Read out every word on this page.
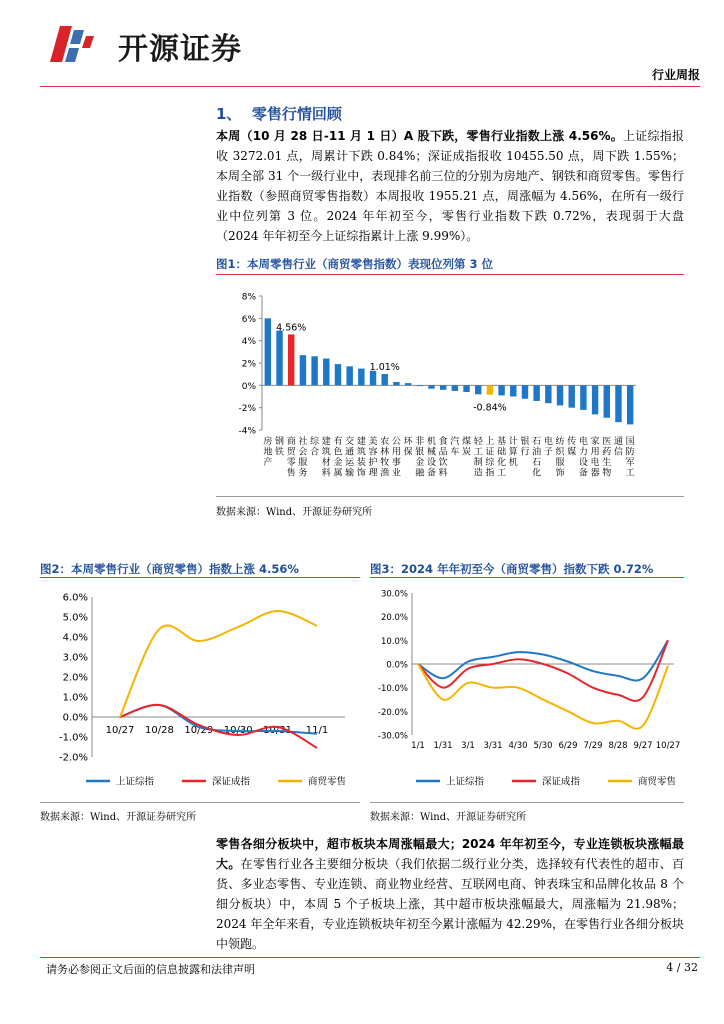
开源证券
行业周报
1、 零售行情回顾
本周（10 月 28 日-11 月 1 日）A 股下跌，零售行业指数上涨 4.56%。上证综指报收 3272.01 点，周累计下跌 0.84%；深证成指报收 10455.50 点，周下跌 1.55%；本周全部 31 个一级行业中，表现排名前三位的分别为房地产、钢铁和商贸零售。零售行业指数（参照商贸零售指数）本周报收 1955.21 点，周涨幅为 4.56%，在所有一级行业中位列第 3 位。2024 年年初至今，零售行业指数下跌 0.72%，表现弱于大盘（2024 年年初至今上证综指累计上涨 9.99%）。
图1：本周零售行业（商贸零售指数）表现位列第 3 位
8%
6%
4%
2%
0%
-2%
-4%
房
地
产
钢
铁
商
贸
零
售
社
会
服
务
综
合
建
筑
材
料
有
色
金
属
交
通
运
输
建
筑
装
饰
美
容
护
理
农
林
牧
渔
公
用
事
业
环
保
非
银
金
融
机
械
设
备
食
品
饮
料
汽
车
煤
炭
轻
工
制
造
上
证
综
指
基
础
化
工
计
算
机
银
行
石
油
石
化
电
子
纺
织
服
饰
传
媒
电
力
设
备
家
用
电
器
医
药
生
物
通
信
国
防
军
工
4.56%
1.01%
-0.84%
数据来源：Wind、开源证券研究所
图2：本周零售行业（商贸零售）指数上涨 4.56%	图3：2024 年年初至今（商贸零售）指数下跌 0.72%
6.0%
5.0%
4.0%
3.0%
2.0%
1.0%
0.0%
-1.0%
-2.0%
10/27 10/28 10/29 10/30 10/31 11/1
上证综指	深证成指	商贸零售
30.0%
20.0%
10.0%
0.0%
-10.0%
-20.0%
-30.0%
1/1 1/31 3/1 3/31 4/30 5/30 6/29 7/29 8/28 9/27 10/27
上证综指	深证成指	商贸零售
数据来源：Wind、开源证券研究所	数据来源：Wind、开源证券研究所
零售各细分板块中，超市板块本周涨幅最大；2024 年年初至今，专业连锁板块涨幅最大。在零售行业各主要细分板块（我们依据二级行业分类，选择较有代表性的超市、百货、多业态零售、专业连锁、商业物业经营、互联网电商、钟表珠宝和品牌化妆品 8 个细分板块）中，本周 5 个子板块上涨，其中超市板块涨幅最大，周涨幅为 21.98%；2024 年全年来看，专业连锁板块年初至今累计涨幅为 42.29%，在零售行业各细分板块中领跑。
请务必参阅正文后面的信息披露和法律声明	4 / 32
